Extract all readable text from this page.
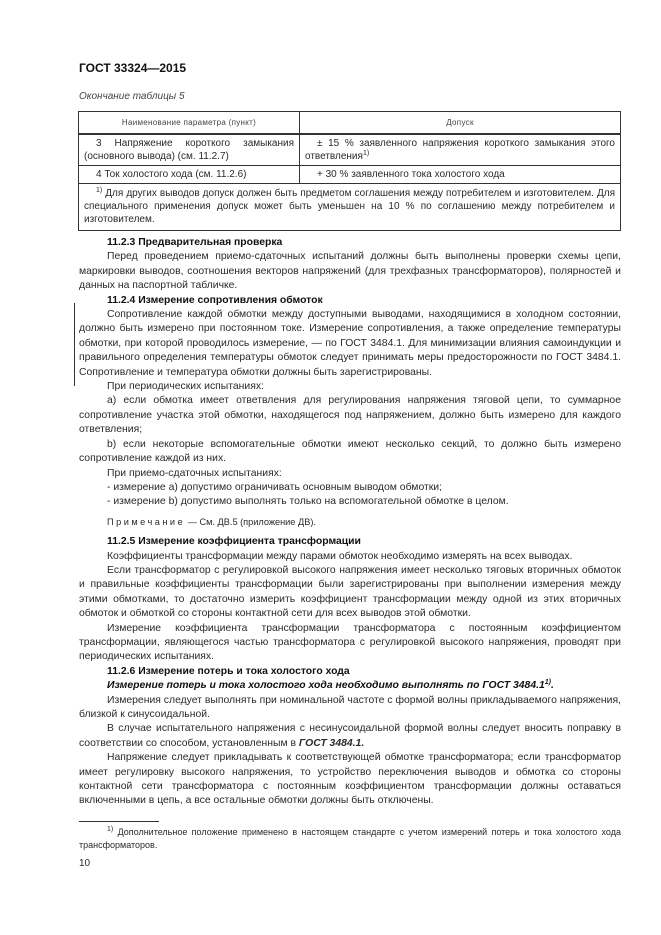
ГОСТ 33324—2015
Окончание таблицы 5
Наименование параметра (пункт)	Допуск
3 Напряжение короткого замыкания (основного вывода) (см. 11.2.7)	± 15 % заявленного напряжения короткого замыкания этого ответвления$^{1)}$
4 Ток холостого хода (см. 11.2.6)	+ 30 % заявленного тока холостого хода
$^{1)}$ Для других выводов допуск должен быть предметом соглашения между потребителем и изготовителем. Для специального применения допуск может быть уменьшен на 10 % по соглашению между потребителем и изготовителем.	

11.2.3 Предварительная проверка

Перед проведением приемо-сдаточных испытаний должны быть выполнены проверки схемы цепи, маркировки выводов, соотношения векторов напряжений (для трехфазных трансформаторов), полярностей и данных на паспортной табличке.

11.2.4 Измерение сопротивления обмоток

Сопротивление каждой обмотки между доступными выводами, находящимися в холодном состоянии, должно быть измерено при постоянном токе. Измерение сопротивления, а также определение температуры обмотки, при которой проводилось измерение, — по ГОСТ 3484.1. Для минимизации влияния самоиндукции и правильного определения температуры обмоток следует принимать меры предосторожности по ГОСТ 3484.1. Сопротивление и температура обмотки должны быть зарегистрированы.

При периодических испытаниях:

a) если обмотка имеет ответвления для регулирования напряжения тяговой цепи, то суммарное сопротивление участка этой обмотки, находящегося под напряжением, должно быть измерено для каждого ответвления;

b) если некоторые вспомогательные обмотки имеют несколько секций, то должно быть измерено сопротивление каждой из них.

При приемо-сдаточных испытаниях:

- измерение a) допустимо ограничивать основным выводом обмотки;

- измерение b) допустимо выполнять только на вспомогательной обмотке в целом.

Примечание — См. ДВ.5 (приложение ДВ).

11.2.5 Измерение коэффициента трансформации

Коэффициенты трансформации между парами обмоток необходимо измерять на всех выводах.

Если трансформатор с регулировкой высокого напряжения имеет несколько тяговых вторичных обмоток и правильные коэффициенты трансформации были зарегистрированы при выполнении измерения между этими обмотками, то достаточно измерить коэффициент трансформации между одной из этих вторичных обмоток и обмоткой со стороны контактной сети для всех выводов этой обмотки.

Измерение коэффициента трансформации трансформатора с постоянным коэффициентом трансформации, являющегося частью трансформатора с регулировкой высокого напряжения, проводят при периодических испытаниях.

11.2.6 Измерение потерь и тока холостого хода

Измерение потерь и тока холостого хода необходимо выполнять по ГОСТ 3484.1$^{1)}$.

Измерения следует выполнять при номинальной частоте с формой волны прикладываемого напряжения, близкой к синусоидальной.

В случае испытательного напряжения с несинусоидальной формой волны следует вносить поправку в соответствии со способом, установленным в ГОСТ 3484.1.

Напряжение следует прикладывать к соответствующей обмотке трансформатора; если трансформатор имеет регулировку высокого напряжения, то устройство переключения выводов и обмотка со стороны контактной сети трансформатора с постоянным коэффициентом трансформации должны оставаться включенными в цепь, а все остальные обмотки должны быть отключены.

$^{1)}$ Дополнительное положение применено в настоящем стандарте с учетом измерений потерь и тока холостого хода трансформаторов.
10
